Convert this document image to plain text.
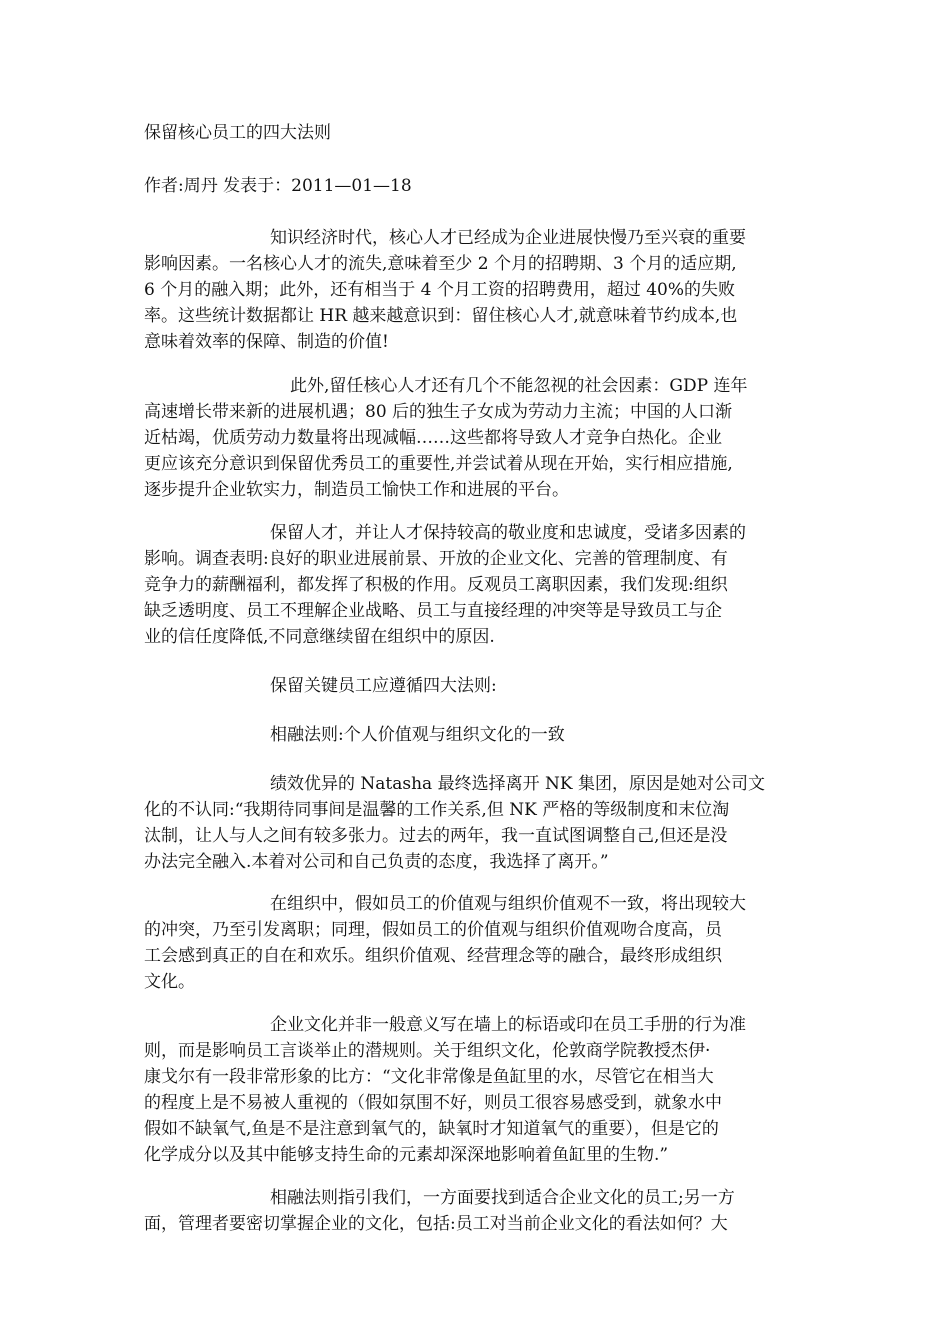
保留核心员工的四大法则
作者:周丹 发表于：2011—01—18
知识经济时代，核心人才已经成为企业进展快慢乃至兴衰的重要
影响因素。一名核心人才的流失,意味着至少 2 个月的招聘期、3 个月的适应期,
6 个月的融入期；此外，还有相当于 4 个月工资的招聘费用，超过 40%的失败
率。这些统计数据都让 HR 越来越意识到：留住核心人才,就意味着节约成本,也
意味着效率的保障、制造的价值!
此外,留任核心人才还有几个不能忽视的社会因素：GDP 连年
高速增长带来新的进展机遇；80 后的独生子女成为劳动力主流；中国的人口渐
近枯竭，优质劳动力数量将出现减幅……这些都将导致人才竞争白热化。企业
更应该充分意识到保留优秀员工的重要性,并尝试着从现在开始，实行相应措施,
逐步提升企业软实力，制造员工愉快工作和进展的平台。
保留人才，并让人才保持较高的敬业度和忠诚度，受诸多因素的
影响。调查表明:良好的职业进展前景、开放的企业文化、完善的管理制度、有
竞争力的薪酬福利，都发挥了积极的作用。反观员工离职因素，我们发现:组织
缺乏透明度、员工不理解企业战略、员工与直接经理的冲突等是导致员工与企
业的信任度降低,不同意继续留在组织中的原因.
保留关键员工应遵循四大法则:
相融法则:个人价值观与组织文化的一致
绩效优异的 Natasha 最终选择离开 NK 集团，原因是她对公司文
化的不认同:“我期待同事间是温馨的工作关系,但 NK 严格的等级制度和末位淘
汰制，让人与人之间有较多张力。过去的两年，我一直试图调整自己,但还是没
办法完全融入.本着对公司和自己负责的态度，我选择了离开。”
在组织中，假如员工的价值观与组织价值观不一致，将出现较大
的冲突，乃至引发离职；同理，假如员工的价值观与组织价值观吻合度高，员
工会感到真正的自在和欢乐。组织价值观、经营理念等的融合，最终形成组织
文化。
企业文化并非一般意义写在墙上的标语或印在员工手册的行为准
则，而是影响员工言谈举止的潜规则。关于组织文化，伦敦商学院教授杰伊·
康戈尔有一段非常形象的比方：“文化非常像是鱼缸里的水，尽管它在相当大
的程度上是不易被人重视的（假如氛围不好，则员工很容易感受到，就象水中
假如不缺氧气,鱼是不是注意到氧气的，缺氧时才知道氧气的重要），但是它的
化学成分以及其中能够支持生命的元素却深深地影响着鱼缸里的生物.”
相融法则指引我们，一方面要找到适合企业文化的员工;另一方
面，管理者要密切掌握企业的文化，包括:员工对当前企业文化的看法如何？大
